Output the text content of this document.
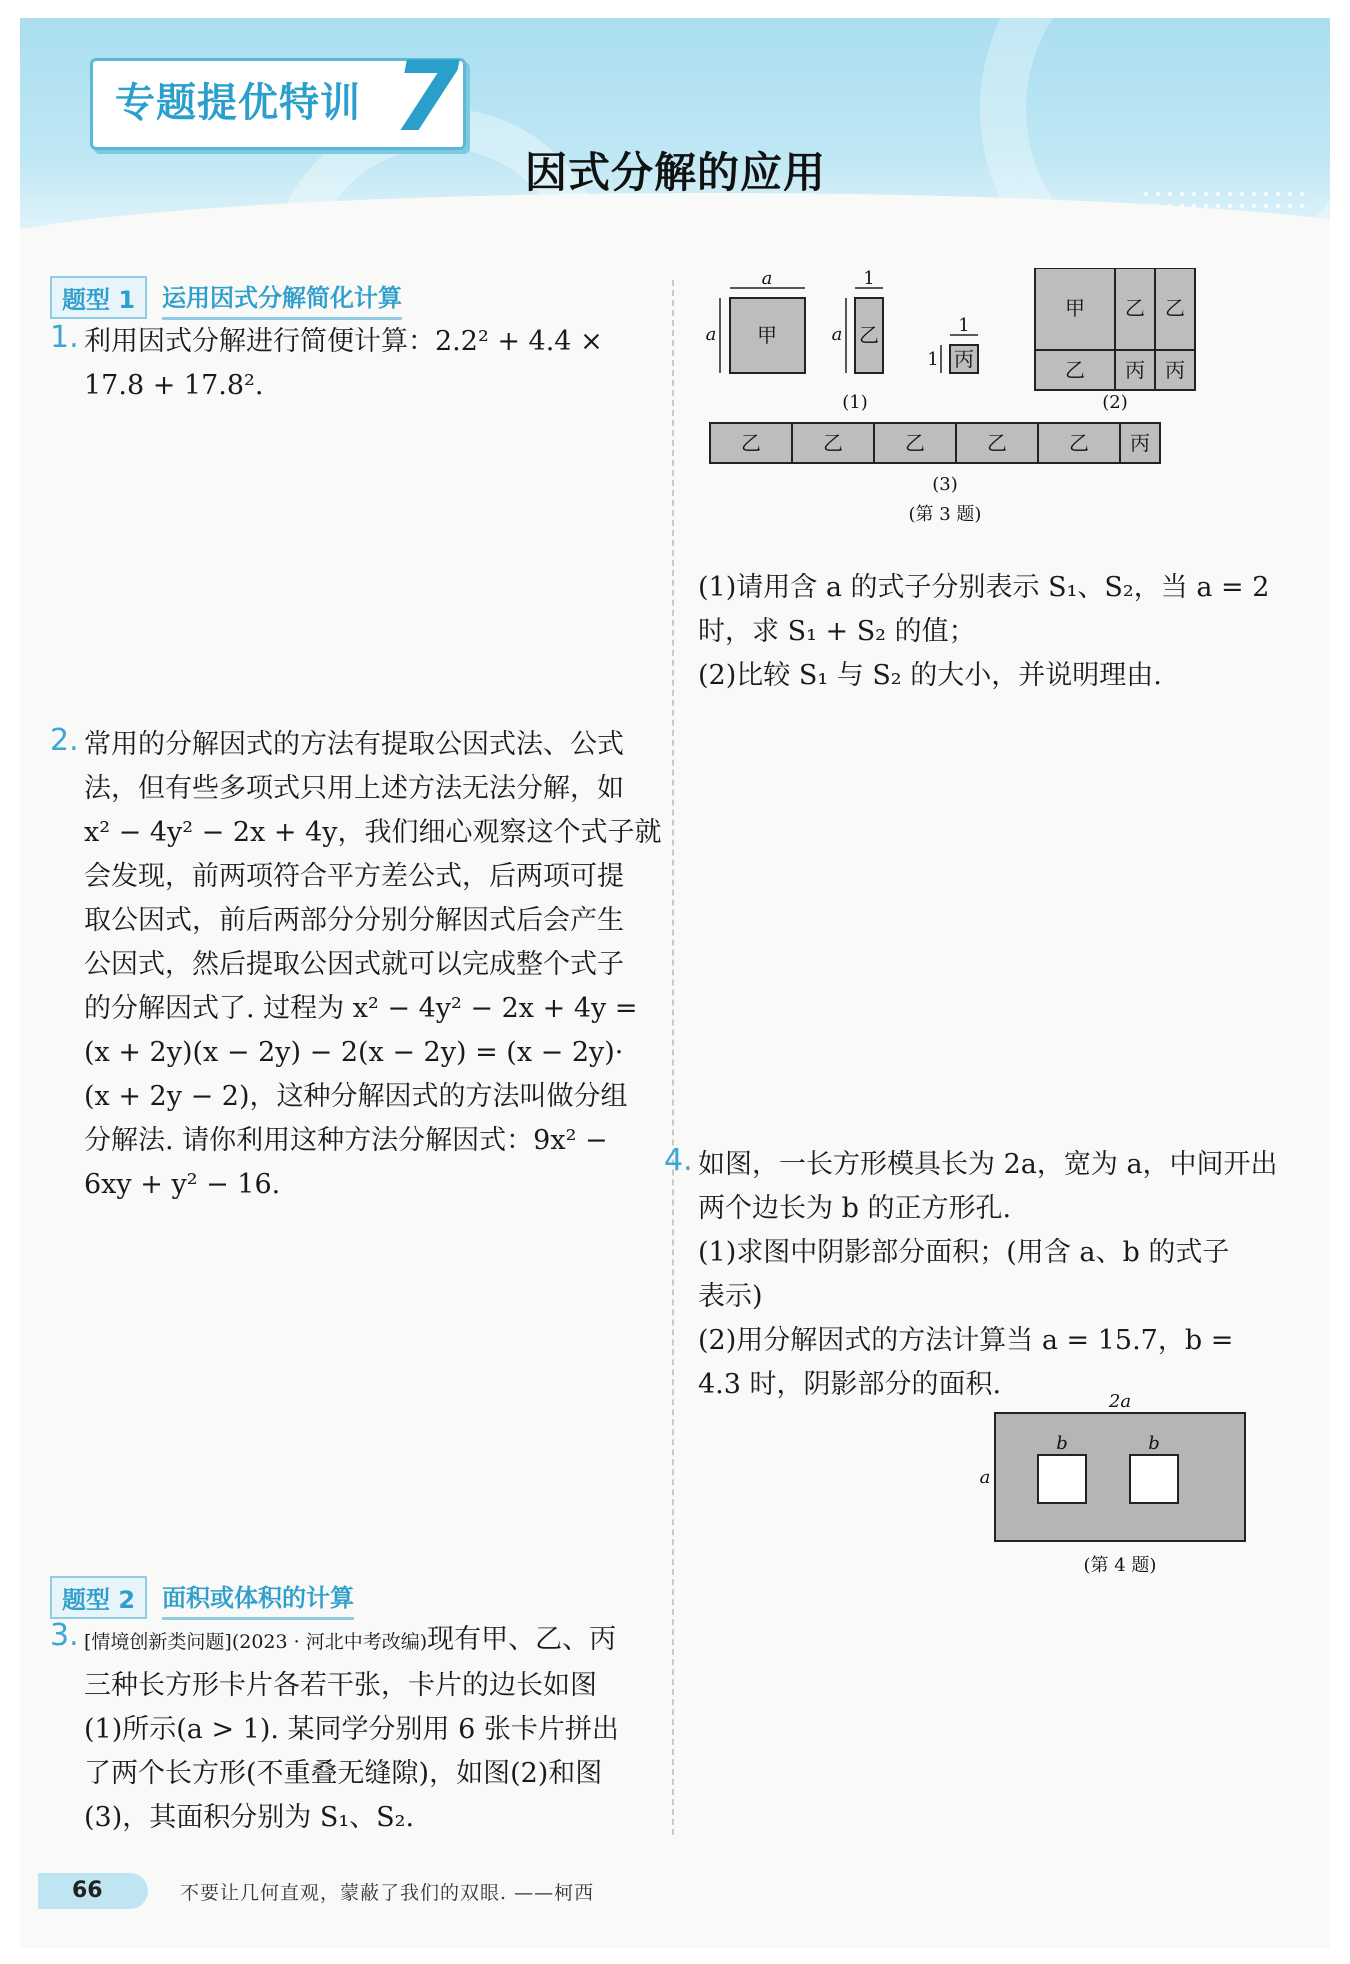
专题提优特训 7
因式分解的应用
题型 1	运用因式分解简化计算
1. 利用因式分解进行简便计算：2.2² + 4.4 ×

17.8 + 17.8².

2. 常用的分解因式的方法有提取公因式法、公式

法，但有些多项式只用上述方法无法分解，如

x² − 4y² − 2x + 4y，我们细心观察这个式子就

会发现，前两项符合平方差公式，后两项可提

取公因式，前后两部分分别分解因式后会产生

公因式，然后提取公因式就可以完成整个式子

的分解因式了. 过程为 x² − 4y² − 2x + 4y =

(x + 2y)(x − 2y) − 2(x − 2y) = (x − 2y)·

(x + 2y − 2)，这种分解因式的方法叫做分组

分解法. 请你利用这种方法分解因式：9x² −

6xy + y² − 16.

题型 2	面积或体积的计算
3. [情境创新类问题](2023 · 河北中考改编)现有甲、乙、丙

三种长方形卡片各若干张，卡片的边长如图

(1)所示(a > 1). 某同学分别用 6 张卡片拼出

了两个长方形(不重叠无缝隙)，如图(2)和图

(3)，其面积分别为 S₁、S₂.

a
a
1
a	1
1
甲	乙
丙
甲 乙 乙
乙 丙 丙
乙	乙	乙	乙	乙 丙
(1)	(2)
(3)
(第 3 题)

(1)请用含 a 的式子分别表示 S₁、S₂，当 a = 2

时，求 S₁ + S₂ 的值；

(2)比较 S₁ 与 S₂ 的大小，并说明理由.

4. 如图，一长方形模具长为 2a，宽为 a，中间开出

两个边长为 b 的正方形孔.

(1)求图中阴影部分面积；(用含 a、b 的式子

表示)

(2)用分解因式的方法计算当 a = 15.7，b =

4.3 时，阴影部分的面积.

2a
a
b	b
(第 4 题)
66	不要让几何直观，蒙蔽了我们的双眼. ——柯西
